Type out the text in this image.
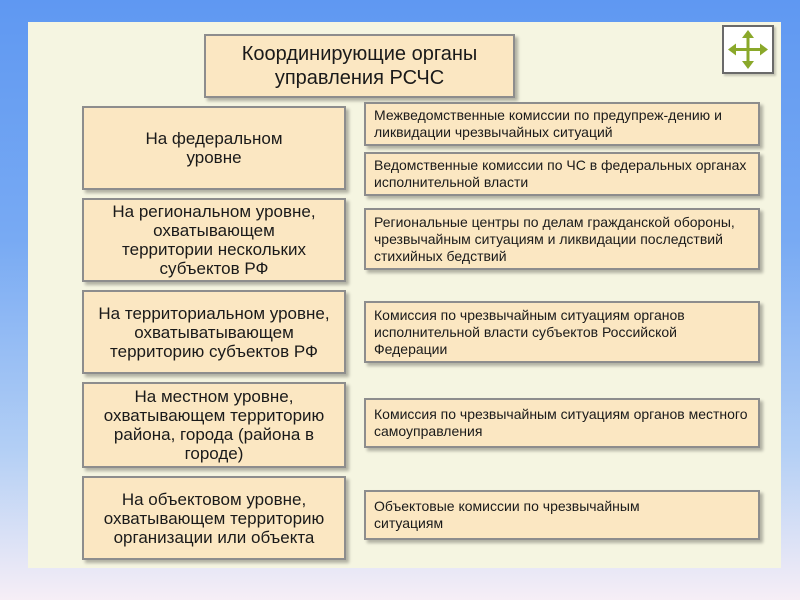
Координирующие органы управления РСЧС
На федеральном уровне
На региональном уровне, охватывающем территории нескольких субъектов РФ
На территориальном уровне, охватыватывающем территорию субъектов РФ
На местном уровне, охватывающем территорию района, города (района в городе)
На объектовом уровне, охватывающем территорию организации или объекта
Межведомственные комиссии по предупреж-дению и ликвидации чрезвычайных ситуаций
Ведомственные комиссии по ЧС в федеральных органах исполнительной власти
Региональные центры по делам гражданской обороны, чрезвычайным ситуациям и ликвидации последствий стихийных бедствий
Комиссия по чрезвычайным ситуациям органов исполнительной власти субъектов Российской Федерации
Комиссия по чрезвычайным ситуациям органов местного самоуправления
Объектовые комиссии по чрезвычайным ситуациям
